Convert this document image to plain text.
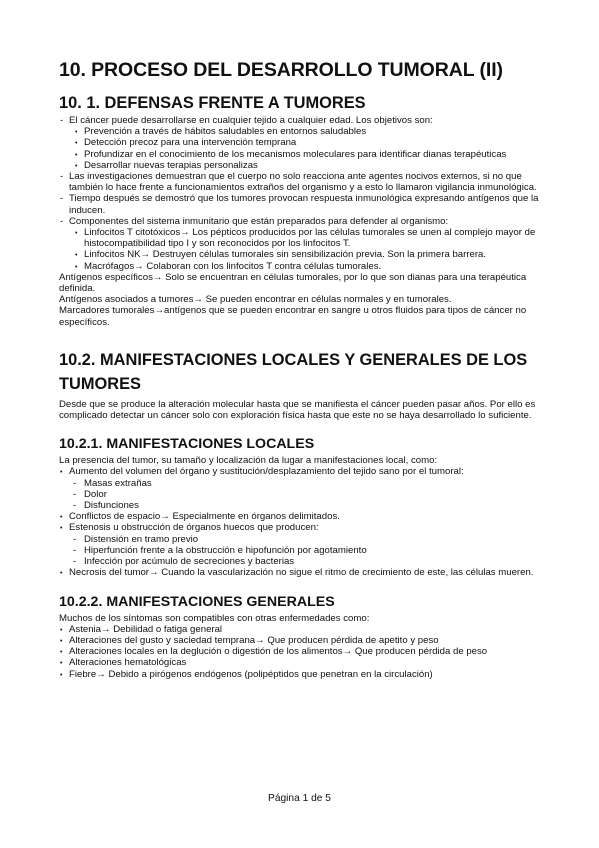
10. PROCESO DEL DESARROLLO TUMORAL (II)
10. 1. DEFENSAS FRENTE A TUMORES
- El cáncer puede desarrollarse en cualquier tejido a cualquier edad. Los objetivos son:
• Prevención a través de hábitos saludables en entornos saludables
• Detección precoz para una intervención temprana
• Profundizar en el conocimiento de los mecanismos moleculares para identificar dianas terapéuticas
• Desarrollar nuevas terapias personalizas
- Las investigaciones demuestran que el cuerpo no solo reacciona ante agentes nocivos externos, si no que también lo hace frente a funcionamientos extraños del organismo y a esto lo llamaron vigilancia inmunológica.
- Tiempo después se demostró que los tumores provocan respuesta inmunológica expresando antígenos que la inducen.
- Componentes del sistema inmunitario que están preparados para defender al organismo:
• Linfocitos T citotóxicos→ Los pépticos producidos por las células tumorales se unen al complejo mayor de histocompatibilidad tipo I y son reconocidos por los linfocitos T.
• Linfocitos NK→ Destruyen células tumorales sin sensibilización previa. Son la primera barrera.
• Macrófagos→ Colaboran con los linfocitos T contra células tumorales.
Antígenos específicos→ Solo se encuentran en células tumorales, por lo que son dianas para una terapéutica definida.
Antígenos asociados a tumores→ Se pueden encontrar en células normales y en tumorales.
Marcadores tumorales→antígenos que se pueden encontrar en sangre u otros fluidos para tipos de cáncer no específicos.
10.2. MANIFESTACIONES LOCALES Y GENERALES DE LOS TUMORES
Desde que se produce la alteración molecular hasta que se manifiesta el cáncer pueden pasar años. Por ello es complicado detectar un cáncer solo con exploración física hasta que este no se haya desarrollado lo suficiente.
10.2.1. MANIFESTACIONES LOCALES
La presencia del tumor, su tamaño y localización da lugar a manifestaciones local, como:
• Aumento del volumen del órgano y sustitución/desplazamiento del tejido sano por el tumoral:
- Masas extrañas
- Dolor
- Disfunciones
• Conflictos de espacio→ Especialmente en órganos delimitados.
• Estenosis u obstrucción de órganos huecos que producen:
- Distensión en tramo previo
- Hiperfunción frente a la obstrucción e hipofunción por agotamiento
- Infección por acúmulo de secreciones y bacterias
• Necrosis del tumor→ Cuando la vascularización no sigue el ritmo de crecimiento de este, las células mueren.
10.2.2. MANIFESTACIONES GENERALES
Muchos de los síntomas son compatibles con otras enfermedades como:
• Astenia→ Debilidad o fatiga general
• Alteraciones del gusto y saciedad temprana→ Que producen pérdida de apetito y peso
• Alteraciones locales en la deglución o digestión de los alimentos→ Que producen pérdida de peso
• Alteraciones hematológicas
• Fiebre→ Debido a pirógenos endógenos (polipéptidos que penetran en la circulación)
Página 1 de 5
